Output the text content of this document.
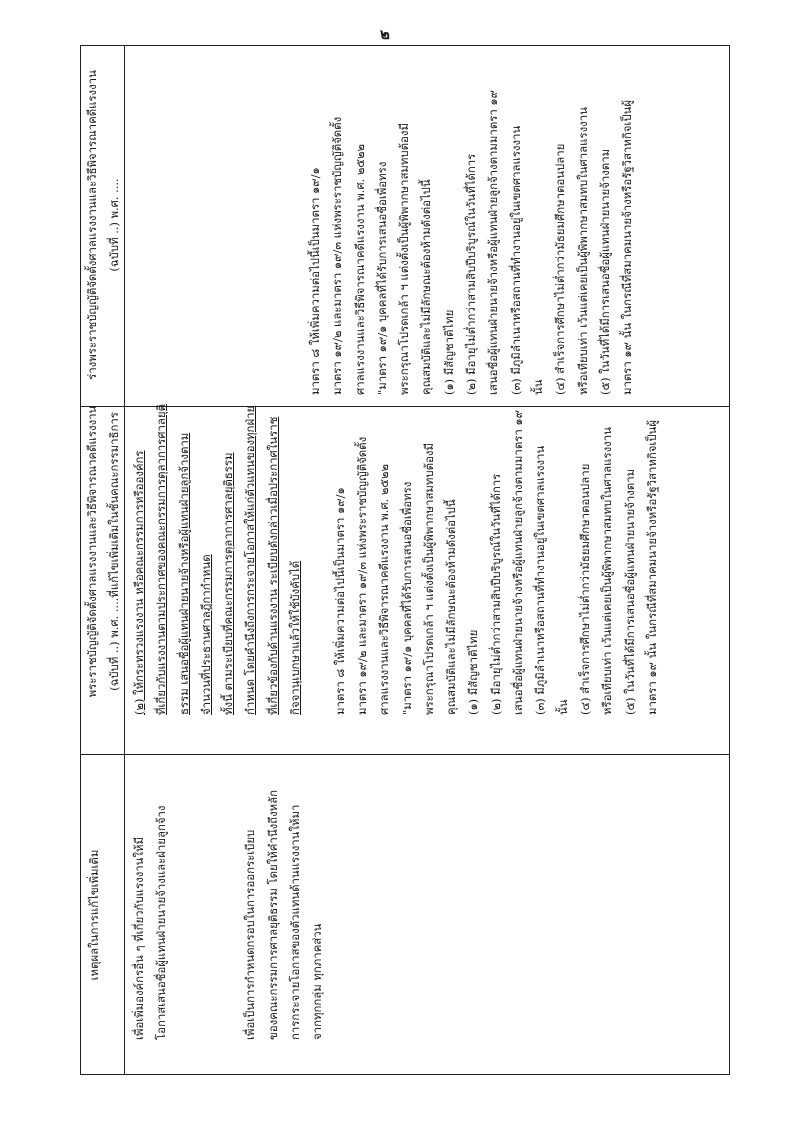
๒
เหตุผลในการแก้ไขเพิ่มเติม
พระราชบัญญัติจัดตั้งศาลแรงงานและวิธีพิจารณาคดีแรงงาน (ฉบับที่ ..) พ.ศ. ....ที่แก้ไขเพิ่มเติมในชั้นคณะกรรมาธิการ
ร่างพระราชบัญญัติจัดตั้งศาลแรงงานและวิธีพิจารณาคดีแรงงาน (ฉบับที่ ..) พ.ศ. ....
เพื่อเพิ่มองค์กรอื่น ๆ ที่เกี่ยวกับแรงงานให้มี โอกาสเสนอชื่อผู้แทนฝ่ายนายจ้างและฝ่ายลูกจ้าง	เพื่อเป็นการกำหนดกรอบในการออกระเบียบ ของคณะกรรมการศาลยุติธรรม โดยให้คำนึงถึงหลัก การกระจายโอกาสของตัวแทนด้านแรงงานให้มา จากทุกกลุ่ม ทุกภาคส่วน
(๒) ให้กระทรวงแรงงาน หรือคณะกรรมการหรือองค์กร ที่เกี่ยวกับแรงงานตามประกาศของคณะกรรมการตุลาการศาลยุติ ธรรม เสนอชื่อผู้แทนฝ่ายนายจ้างหรือผู้แทนฝ่ายลูกจ้างตาม จำนวนที่ประธานศาลฎีกากำหนด ทั้งนี้ ตามระเบียบที่คณะกรรมการตุลาการศาลยุติธรรม กำหนด โดยคำนึงถึงการกระจายโอกาสให้แก่ตัวแทนของทุกฝ่าย ที่เกี่ยวข้องกับด้านแรงงาน ระเบียบดังกล่าวเมื่อประกาศในราช กิจจานุเบกษาแล้วให้ใช้บังคับได้	มาตรา ๘ ให้เพิ่มความต่อไปนี้เป็นมาตรา ๑๙/๑ มาตรา ๑๙/๒ และมาตรา ๑๙/๓ แห่งพระราชบัญญัติจัดตั้ง ศาลแรงงานและวิธีพิจารณาคดีแรงงาน พ.ศ. ๒๕๒๒ "มาตรา ๑๙/๑ บุคคลที่ได้รับการเสนอชื่อเพื่อทรง พระกรุณาโปรดเกล้า ฯ แต่งตั้งเป็นผู้พิพากษาสมทบต้องมี คุณสมบัติและไม่มีลักษณะต้องห้ามดังต่อไปนี้ (๑) มีสัญชาติไทย (๒) มีอายุไม่ต่ำกว่าสามสิบปีบริบูรณ์ในวันที่ได้การ เสนอชื่อผู้แทนฝ่ายนายจ้างหรือผู้แทนฝ่ายลูกจ้างตามมาตรา ๑๙ (๓) มีภูมิลำเนาหรือสถานที่ทำงานอยู่ในเขตศาลแรงงาน นั้น (๔) สำเร็จการศึกษาไม่ต่ำกว่ามัธยมศึกษาตอนปลาย หรือเทียบเท่า เว้นแต่เคยเป็นผู้พิพากษาสมทบในศาลแรงงาน (๕) ในวันที่ได้มีการเสนอชื่อผู้แทนฝ่ายนายจ้างตาม มาตรา ๑๙ นั้น ในกรณีที่สมาคมนายจ้างหรือรัฐวิสาหกิจเป็นผู้
มาตรา ๘ ให้เพิ่มความต่อไปนี้เป็นมาตรา ๑๙/๑ มาตรา ๑๙/๒ และมาตรา ๑๙/๓ แห่งพระราชบัญญัติจัดตั้ง ศาลแรงงานและวิธีพิจารณาคดีแรงงาน พ.ศ. ๒๕๒๒ "มาตรา ๑๙/๑ บุคคลที่ได้รับการเสนอชื่อเพื่อทรง พระกรุณาโปรดเกล้า ฯ แต่งตั้งเป็นผู้พิพากษาสมทบต้องมี คุณสมบัติและไม่มีลักษณะต้องห้ามดังต่อไปนี้ (๑) มีสัญชาติไทย (๒) มีอายุไม่ต่ำกว่าสามสิบปีบริบูรณ์ในวันที่ได้การ เสนอชื่อผู้แทนฝ่ายนายจ้างหรือผู้แทนฝ่ายลูกจ้างตามมาตรา ๑๙ (๓) มีภูมิลำเนาหรือสถานที่ทำงานอยู่ในเขตศาลแรงงาน นั้น (๔) สำเร็จการศึกษาไม่ต่ำกว่ามัธยมศึกษาตอนปลาย หรือเทียบเท่า เว้นแต่เคยเป็นผู้พิพากษาสมทบในศาลแรงงาน (๕) ในวันที่ได้มีการเสนอชื่อผู้แทนฝ่ายนายจ้างตาม มาตรา ๑๙ นั้น ในกรณีที่สมาคมนายจ้างหรือรัฐวิสาหกิจเป็นผู้
